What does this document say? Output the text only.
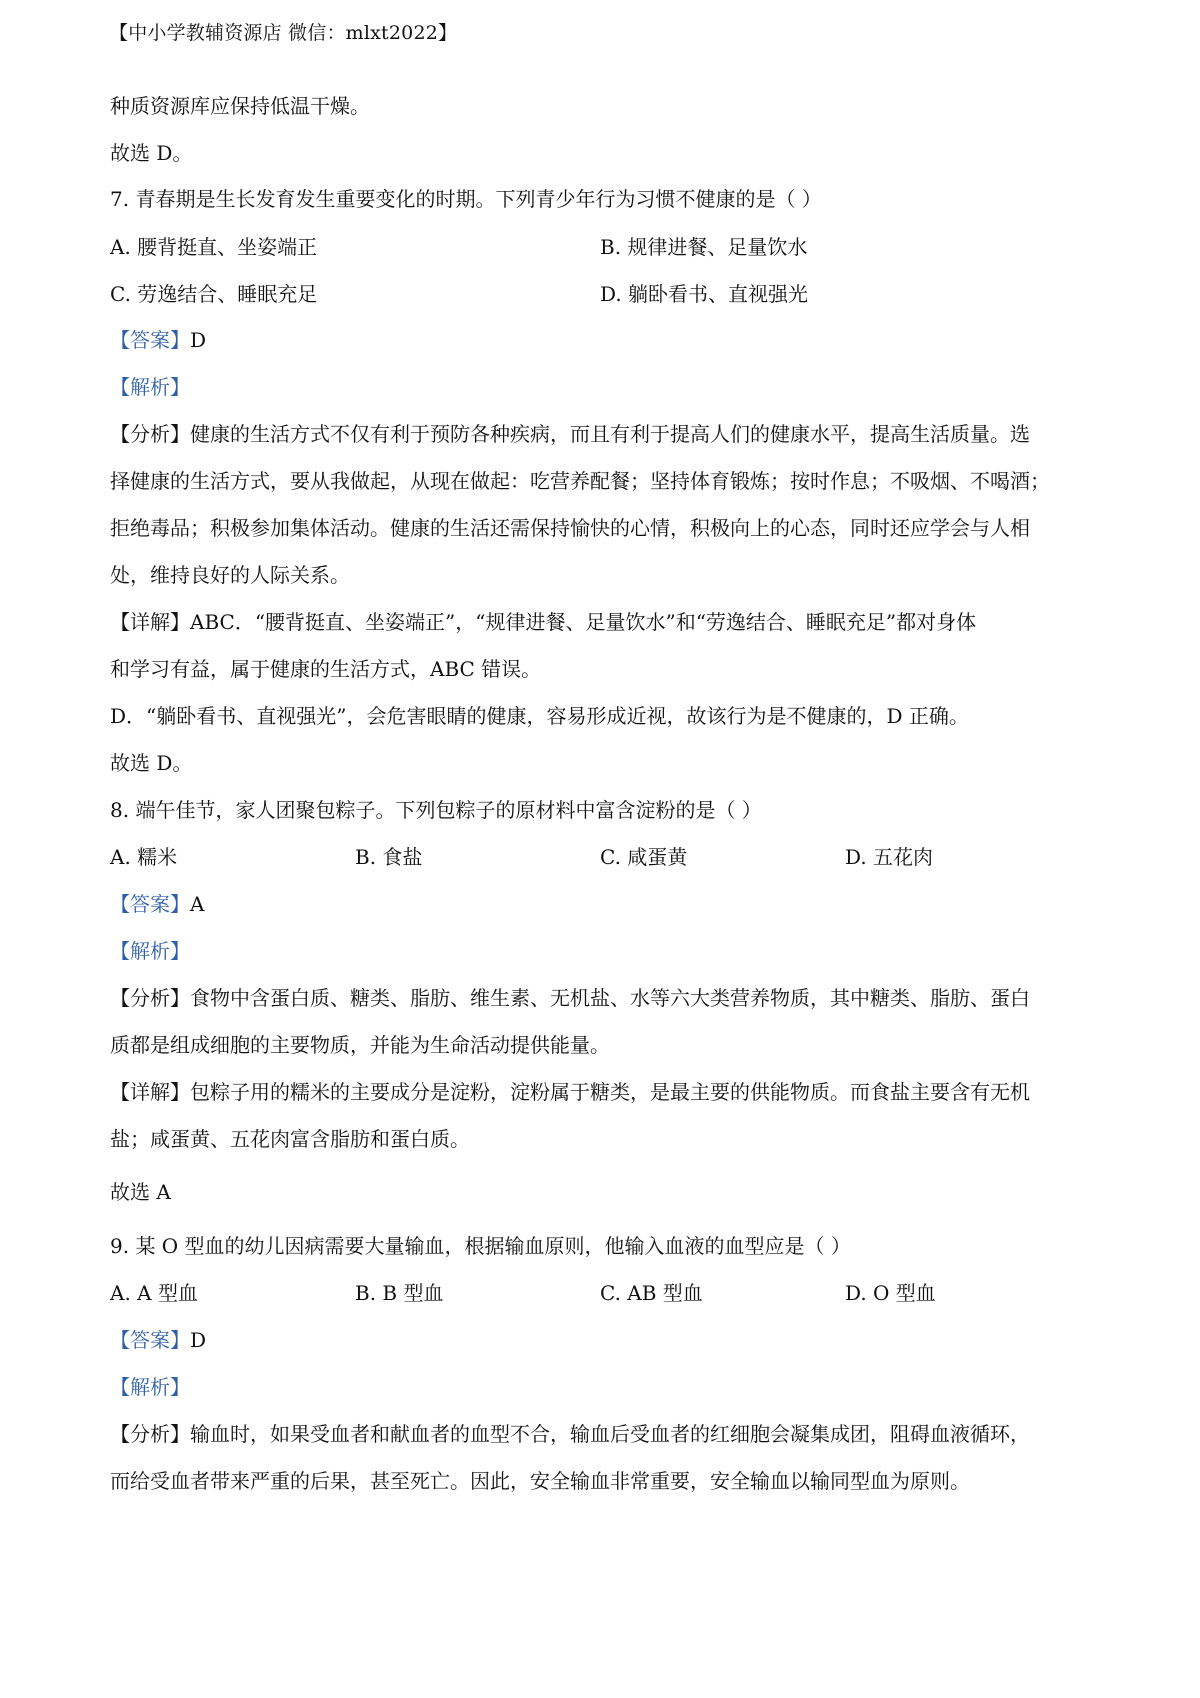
【中小学教辅资源店 微信：mlxt2022】
种质资源库应保持低温干燥。
故选 D。
7. 青春期是生长发育发生重要变化的时期。下列青少年行为习惯不健康的是（ ）
A. 腰背挺直、坐姿端正	B. 规律进餐、足量饮水
C. 劳逸结合、睡眠充足	D. 躺卧看书、直视强光
【答案】D
【解析】
【分析】健康的生活方式不仅有利于预防各种疾病，而且有利于提高人们的健康水平，提高生活质量。选
择健康的生活方式，要从我做起，从现在做起：吃营养配餐；坚持体育锻炼；按时作息；不吸烟、不喝酒；
拒绝毒品；积极参加集体活动。健康的生活还需保持愉快的心情，积极向上的心态，同时还应学会与人相
处，维持良好的人际关系。
【详解】ABC．“腰背挺直、坐姿端正”，“规律进餐、足量饮水”和“劳逸结合、睡眠充足”都对身体
和学习有益，属于健康的生活方式，ABC 错误。
D．“躺卧看书、直视强光”，会危害眼睛的健康，容易形成近视，故该行为是不健康的，D 正确。
故选 D。
8. 端午佳节，家人团聚包粽子。下列包粽子的原材料中富含淀粉的是（ ）
A. 糯米	B. 食盐	C. 咸蛋黄	D. 五花肉
【答案】A
【解析】
【分析】食物中含蛋白质、糖类、脂肪、维生素、无机盐、水等六大类营养物质，其中糖类、脂肪、蛋白
质都是组成细胞的主要物质，并能为生命活动提供能量。
【详解】包粽子用的糯米的主要成分是淀粉，淀粉属于糖类，是最主要的供能物质。而食盐主要含有无机
盐；咸蛋黄、五花肉富含脂肪和蛋白质。
故选 A
9. 某 O 型血的幼儿因病需要大量输血，根据输血原则，他输入血液的血型应是（ ）
A. A 型血	B. B 型血	C. AB 型血	D. O 型血
【答案】D
【解析】
【分析】输血时，如果受血者和献血者的血型不合，输血后受血者的红细胞会凝集成团，阻碍血液循环，
而给受血者带来严重的后果，甚至死亡。因此，安全输血非常重要，安全输血以输同型血为原则。
